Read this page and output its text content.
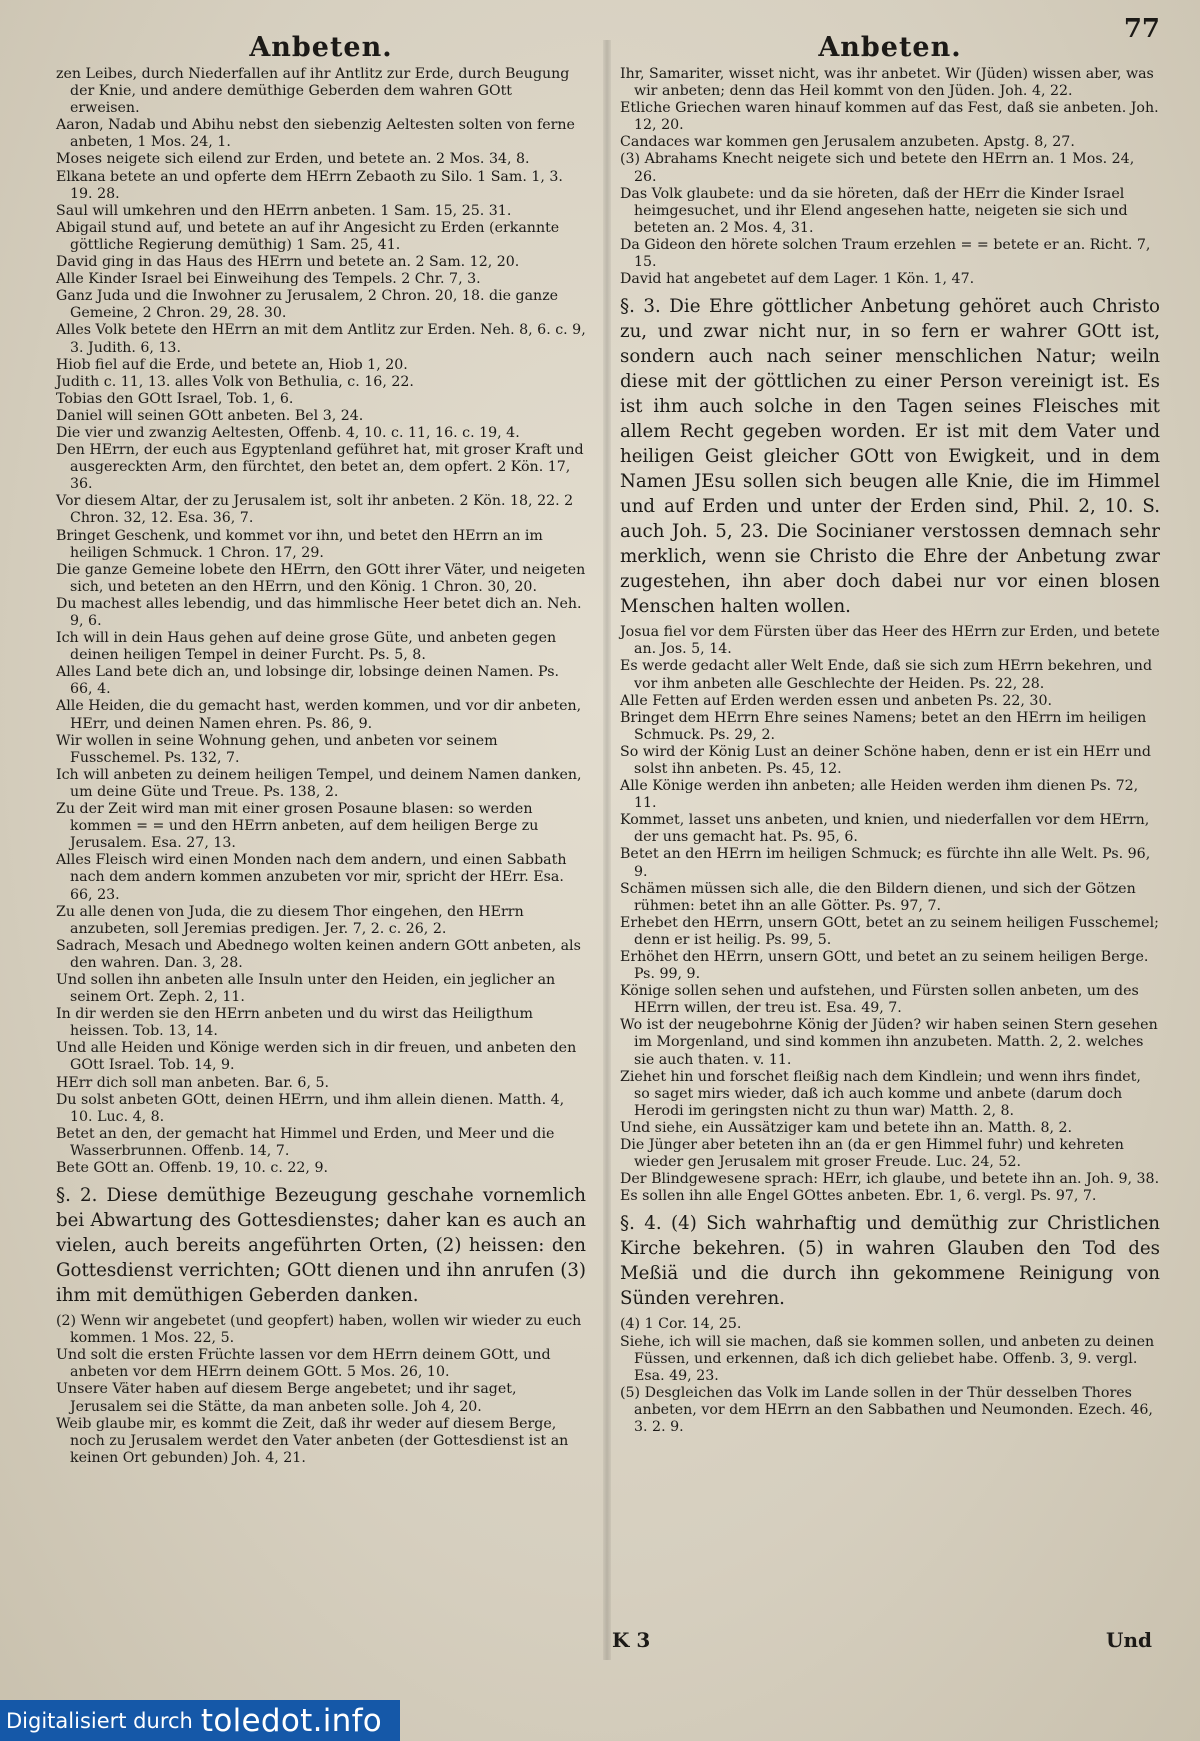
77
Anbeten.

zen Leibes, durch Niederfallen auf ihr Antlitz zur Erde, durch Beugung der Knie, und andere demüthige Geberden dem wahren GOtt erweisen.

Aaron, Nadab und Abihu nebst den siebenzig Aeltesten solten von ferne anbeten, 1 Mos. 24, 1.

Moses neigete sich eilend zur Erden, und betete an. 2 Mos. 34, 8.

Elkana betete an und opferte dem HErrn Zebaoth zu Silo. 1 Sam. 1, 3. 19. 28.

Saul will umkehren und den HErrn anbeten. 1 Sam. 15, 25. 31.

Abigail stund auf, und betete an auf ihr Angesicht zu Erden (erkannte göttliche Regierung demüthig) 1 Sam. 25, 41.

David ging in das Haus des HErrn und betete an. 2 Sam. 12, 20.

Alle Kinder Israel bei Einweihung des Tempels. 2 Chr. 7, 3.

Ganz Juda und die Inwohner zu Jerusalem, 2 Chron. 20, 18. die ganze Gemeine, 2 Chron. 29, 28. 30.

Alles Volk betete den HErrn an mit dem Antlitz zur Erden. Neh. 8, 6. c. 9, 3. Judith. 6, 13.

Hiob fiel auf die Erde, und betete an, Hiob 1, 20.

Judith c. 11, 13. alles Volk von Bethulia, c. 16, 22.

Tobias den GOtt Israel, Tob. 1, 6.

Daniel will seinen GOtt anbeten. Bel 3, 24.

Die vier und zwanzig Aeltesten, Offenb. 4, 10. c. 11, 16. c. 19, 4.

Den HErrn, der euch aus Egyptenland geführet hat, mit groser Kraft und ausgereckten Arm, den fürchtet, den betet an, dem opfert. 2 Kön. 17, 36.

Vor diesem Altar, der zu Jerusalem ist, solt ihr anbeten. 2 Kön. 18, 22. 2 Chron. 32, 12. Esa. 36, 7.

Bringet Geschenk, und kommet vor ihn, und betet den HErrn an im heiligen Schmuck. 1 Chron. 17, 29.

Die ganze Gemeine lobete den HErrn, den GOtt ihrer Väter, und neigeten sich, und beteten an den HErrn, und den König. 1 Chron. 30, 20.

Du machest alles lebendig, und das himmlische Heer betet dich an. Neh. 9, 6.

Ich will in dein Haus gehen auf deine grose Güte, und anbeten gegen deinen heiligen Tempel in deiner Furcht. Ps. 5, 8.

Alles Land bete dich an, und lobsinge dir, lobsinge deinen Namen. Ps. 66, 4.

Alle Heiden, die du gemacht hast, werden kommen, und vor dir anbeten, HErr, und deinen Namen ehren. Ps. 86, 9.

Wir wollen in seine Wohnung gehen, und anbeten vor seinem Fusschemel. Ps. 132, 7.

Ich will anbeten zu deinem heiligen Tempel, und deinem Namen danken, um deine Güte und Treue. Ps. 138, 2.

Zu der Zeit wird man mit einer grosen Posaune blasen: so werden kommen = = und den HErrn anbeten, auf dem heiligen Berge zu Jerusalem. Esa. 27, 13.

Alles Fleisch wird einen Monden nach dem andern, und einen Sabbath nach dem andern kommen anzubeten vor mir, spricht der HErr. Esa. 66, 23.

Zu alle denen von Juda, die zu diesem Thor eingehen, den HErrn anzubeten, soll Jeremias predigen. Jer. 7, 2. c. 26, 2.

Sadrach, Mesach und Abednego wolten keinen andern GOtt anbeten, als den wahren. Dan. 3, 28.

Und sollen ihn anbeten alle Insuln unter den Heiden, ein jeglicher an seinem Ort. Zeph. 2, 11.

In dir werden sie den HErrn anbeten und du wirst das Heiligthum heissen. Tob. 13, 14.

Und alle Heiden und Könige werden sich in dir freuen, und anbeten den GOtt Israel. Tob. 14, 9.

HErr dich soll man anbeten. Bar. 6, 5.

Du solst anbeten GOtt, deinen HErrn, und ihm allein dienen. Matth. 4, 10. Luc. 4, 8.

Betet an den, der gemacht hat Himmel und Erden, und Meer und die Wasserbrunnen. Offenb. 14, 7.

Bete GOtt an. Offenb. 19, 10. c. 22, 9.

§. 2. Diese demüthige Bezeugung geschahe vornemlich bei Abwartung des Gottesdienstes; daher kan es auch an vielen, auch bereits angeführten Orten, (2) heissen: den Gottesdienst verrichten; GOtt dienen und ihn anrufen (3) ihm mit demüthigen Geberden danken.

(2) Wenn wir angebetet (und geopfert) haben, wollen wir wieder zu euch kommen. 1 Mos. 22, 5.

Und solt die ersten Früchte lassen vor dem HErrn deinem GOtt, und anbeten vor dem HErrn deinem GOtt. 5 Mos. 26, 10.

Unsere Väter haben auf diesem Berge angebetet; und ihr saget, Jerusalem sei die Stätte, da man anbeten solle. Joh 4, 20.

Weib glaube mir, es kommt die Zeit, daß ihr weder auf diesem Berge, noch zu Jerusalem werdet den Vater anbeten (der Gottesdienst ist an keinen Ort gebunden) Joh. 4, 21.

Anbeten.

Ihr, Samariter, wisset nicht, was ihr anbetet. Wir (Jüden) wissen aber, was wir anbeten; denn das Heil kommt von den Jüden. Joh. 4, 22.

Etliche Griechen waren hinauf kommen auf das Fest, daß sie anbeten. Joh. 12, 20.

Candaces war kommen gen Jerusalem anzubeten. Apstg. 8, 27.

(3) Abrahams Knecht neigete sich und betete den HErrn an. 1 Mos. 24, 26.

Das Volk glaubete: und da sie höreten, daß der HErr die Kinder Israel heimgesuchet, und ihr Elend angesehen hatte, neigeten sie sich und beteten an. 2 Mos. 4, 31.

Da Gideon den hörete solchen Traum erzehlen = = betete er an. Richt. 7, 15.

David hat angebetet auf dem Lager. 1 Kön. 1, 47.

§. 3. Die Ehre göttlicher Anbetung gehöret auch Christo zu, und zwar nicht nur, in so fern er wahrer GOtt ist, sondern auch nach seiner menschlichen Natur; weiln diese mit der göttlichen zu einer Person vereinigt ist. Es ist ihm auch solche in den Tagen seines Fleisches mit allem Recht gegeben worden. Er ist mit dem Vater und heiligen Geist gleicher GOtt von Ewigkeit, und in dem Namen JEsu sollen sich beugen alle Knie, die im Himmel und auf Erden und unter der Erden sind, Phil. 2, 10. S. auch Joh. 5, 23. Die Socinianer verstossen demnach sehr merklich, wenn sie Christo die Ehre der Anbetung zwar zugestehen, ihn aber doch dabei nur vor einen blosen Menschen halten wollen.

Josua fiel vor dem Fürsten über das Heer des HErrn zur Erden, und betete an. Jos. 5, 14.

Es werde gedacht aller Welt Ende, daß sie sich zum HErrn bekehren, und vor ihm anbeten alle Geschlechte der Heiden. Ps. 22, 28.

Alle Fetten auf Erden werden essen und anbeten Ps. 22, 30.

Bringet dem HErrn Ehre seines Namens; betet an den HErrn im heiligen Schmuck. Ps. 29, 2.

So wird der König Lust an deiner Schöne haben, denn er ist ein HErr und solst ihn anbeten. Ps. 45, 12.

Alle Könige werden ihn anbeten; alle Heiden werden ihm dienen Ps. 72, 11.

Kommet, lasset uns anbeten, und knien, und niederfallen vor dem HErrn, der uns gemacht hat. Ps. 95, 6.

Betet an den HErrn im heiligen Schmuck; es fürchte ihn alle Welt. Ps. 96, 9.

Schämen müssen sich alle, die den Bildern dienen, und sich der Götzen rühmen: betet ihn an alle Götter. Ps. 97, 7.

Erhebet den HErrn, unsern GOtt, betet an zu seinem heiligen Fusschemel; denn er ist heilig. Ps. 99, 5.

Erhöhet den HErrn, unsern GOtt, und betet an zu seinem heiligen Berge. Ps. 99, 9.

Könige sollen sehen und aufstehen, und Fürsten sollen anbeten, um des HErrn willen, der treu ist. Esa. 49, 7.

Wo ist der neugebohrne König der Jüden? wir haben seinen Stern gesehen im Morgenland, und sind kommen ihn anzubeten. Matth. 2, 2. welches sie auch thaten. v. 11.

Ziehet hin und forschet fleißig nach dem Kindlein; und wenn ihrs findet, so saget mirs wieder, daß ich auch komme und anbete (darum doch Herodi im geringsten nicht zu thun war) Matth. 2, 8.

Und siehe, ein Aussätziger kam und betete ihn an. Matth. 8, 2.

Die Jünger aber beteten ihn an (da er gen Himmel fuhr) und kehreten wieder gen Jerusalem mit groser Freude. Luc. 24, 52.

Der Blindgewesene sprach: HErr, ich glaube, und betete ihn an. Joh. 9, 38.

Es sollen ihn alle Engel GOttes anbeten. Ebr. 1, 6. vergl. Ps. 97, 7.

§. 4. (4) Sich wahrhaftig und demüthig zur Christlichen Kirche bekehren. (5) in wahren Glauben den Tod des Meßiä und die durch ihn gekommene Reinigung von Sünden verehren.

(4) 1 Cor. 14, 25.

Siehe, ich will sie machen, daß sie kommen sollen, und anbeten zu deinen Füssen, und erkennen, daß ich dich geliebet habe. Offenb. 3, 9. vergl. Esa. 49, 23.

(5) Desgleichen das Volk im Lande sollen in der Thür desselben Thores anbeten, vor dem HErrn an den Sabbathen und Neumonden. Ezech. 46, 3. 2. 9.

K 3	Und
Digitalisiert durch toledot.info
